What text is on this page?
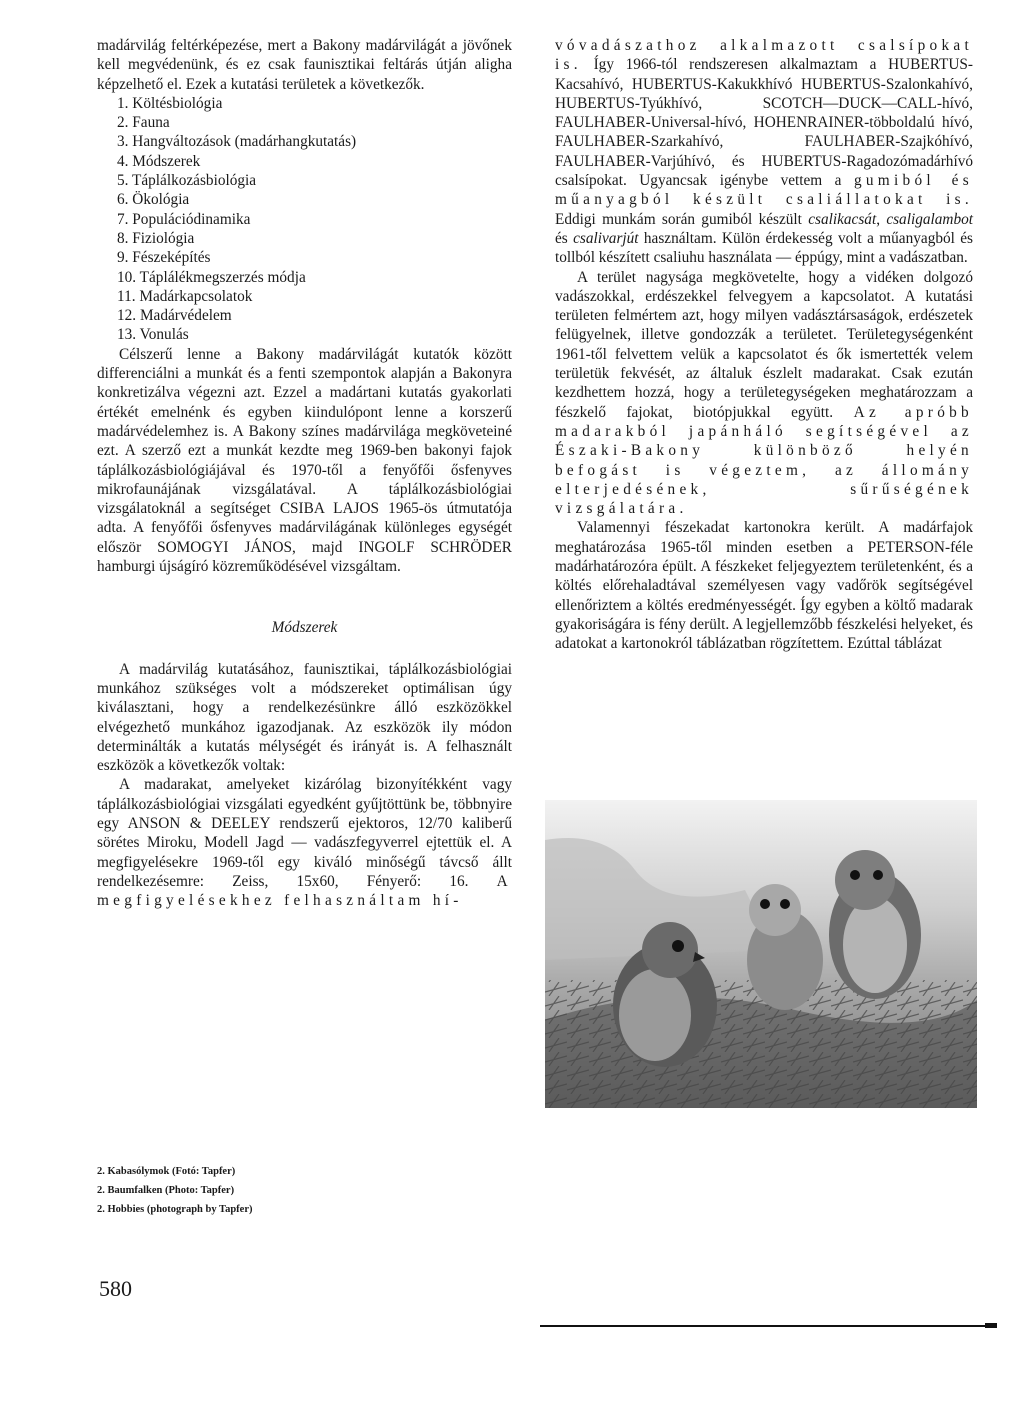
madárvilág feltérképezése, mert a Bakony madárvilágát a jövőnek kell megvédenünk, és ez csak faunisztikai feltárás útján aligha képzelhető el. Ezek a kutatási területek a következők.

1. Költésbiológia
2. Fauna
3. Hangváltozások (madárhangkutatás)
4. Módszerek
5. Táplálkozásbiológia
6. Ökológia
7. Populációdinamika
8. Fiziológia
9. Fészeképítés
10. Táplálékmegszerzés módja
11. Madárkapcsolatok
12. Madárvédelem
13. Vonulás

Célszerű lenne a Bakony madárvilágát kutatók között differenciálni a munkát és a fenti szempontok alapján a Bakonyra konkretizálva végezni azt. Ezzel a madártani kutatás gyakorlati értékét emelnénk és egyben kiindulópont lenne a korszerű madárvédelemhez is. A Bakony színes madárvilága megköveteiné ezt. A szerző ezt a munkát kezdte meg 1969-ben bakonyi fajok táplálkozásbiológiájával és 1970-től a fenyőfői ősfenyves mikrofaunájának vizsgálatával. A táplálkozásbiológiai vizsgálatoknál a segítséget CSIBA LAJOS 1965-ös útmutatója adta. A fenyőfői ősfenyves madárvilágának különleges egységét először SOMOGYI JÁNOS, majd INGOLF SCHRÖDER hamburgi újságíró közreműködésével vizsgáltam.

Módszerek

A madárvilág kutatásához, faunisztikai, táplálkozásbiológiai munkához szükséges volt a módszereket optimálisan úgy kiválasztani, hogy a rendelkezésünkre álló eszközökkel elvégezhető munkához igazodjanak. Az eszközök ily módon determinálták a kutatás mélységét és irányát is. A felhasznált eszközök a következők voltak:

A madarakat, amelyeket kizárólag bizonyítékként vagy táplálkozásbiológiai vizsgálati egyedként gyűjtöttünk be, többnyire egy ANSON & DEELEY rendszerű ejektoros, 12/70 kaliberű sörétes Miroku, Modell Jagd — vadászfegyverrel ejtettük el. A megfigyelésekre 1969-től egy kiváló minőségű távcső állt rendelkezésemre: Zeiss, 15x60, Fényerő: 16. A megfigyelésekhez felhasználtam hí-

vóvadászathoz alkalmazott csalsípokat is. Így 1966-tól rendszeresen alkalmaztam a HUBERTUS-Kacsahívó, HUBERTUS-Kakukkhívó HUBERTUS-Szalonkahívó, HUBERTUS-Tyúkhívó, SCOTCH—DUCK—CALL-hívó, FAULHABER-Universal-hívó, HOHENRAINER-többoldalú hívó, FAULHABER-Szarkahívó, FAULHABER-Szajkóhívó, FAULHABER-Varjúhívó, és HUBERTUS-Ragadozómadárhívó csalsípokat. Ugyancsak igénybe vettem a gumiból és műanyagból készült csaliállatokat is. Eddigi munkám során gumiból készült csalikacsát, csaligalambot és csalivarjút használtam. Külön érdekesség volt a műanyagból és tollból készített csaliuhu használata — éppúgy, mint a vadászatban.

A terület nagysága megkövetelte, hogy a vidéken dolgozó vadászokkal, erdészekkel felvegyem a kapcsolatot. A kutatási területen felmértem azt, hogy milyen vadásztársaságok, erdészetek felügyelnek, illetve gondozzák a területet. Területegységenként 1961-től felvettem velük a kapcsolatot és ők ismertették velem területük fekvését, az általuk észlelt madarakat. Csak ezután kezdhettem hozzá, hogy a területegységeken meghatározzam a fészkelő fajokat, biotópjukkal együtt. Az apróbb madarakból japánháló segítségével az Északi-Bakony különböző helyén befogást is végeztem, az állomány elterjedésének, sűrűségének vizsgálatára.

Valamennyi fészekadat kartonokra került. A madárfajok meghatározása 1965-től minden esetben a PETERSON-féle madárhatározóra épült. A fészkeket feljegyeztem területenként, és a költés előrehaladtával személyesen vagy vadőrök segítségével ellenőriztem a költés eredményességét. Így egyben a költő madarak gyakoriságára is fény derült. A legjellemzőbb fészkelési helyeket, és adatokat a kartonokról táblázatban rögzítettem. Ezúttal táblázat

2. Kabasólymok (Fotó: Tapfer)
2. Baumfalken (Photo: Tapfer)
2. Hobbies (photograph by Tapfer)
580
